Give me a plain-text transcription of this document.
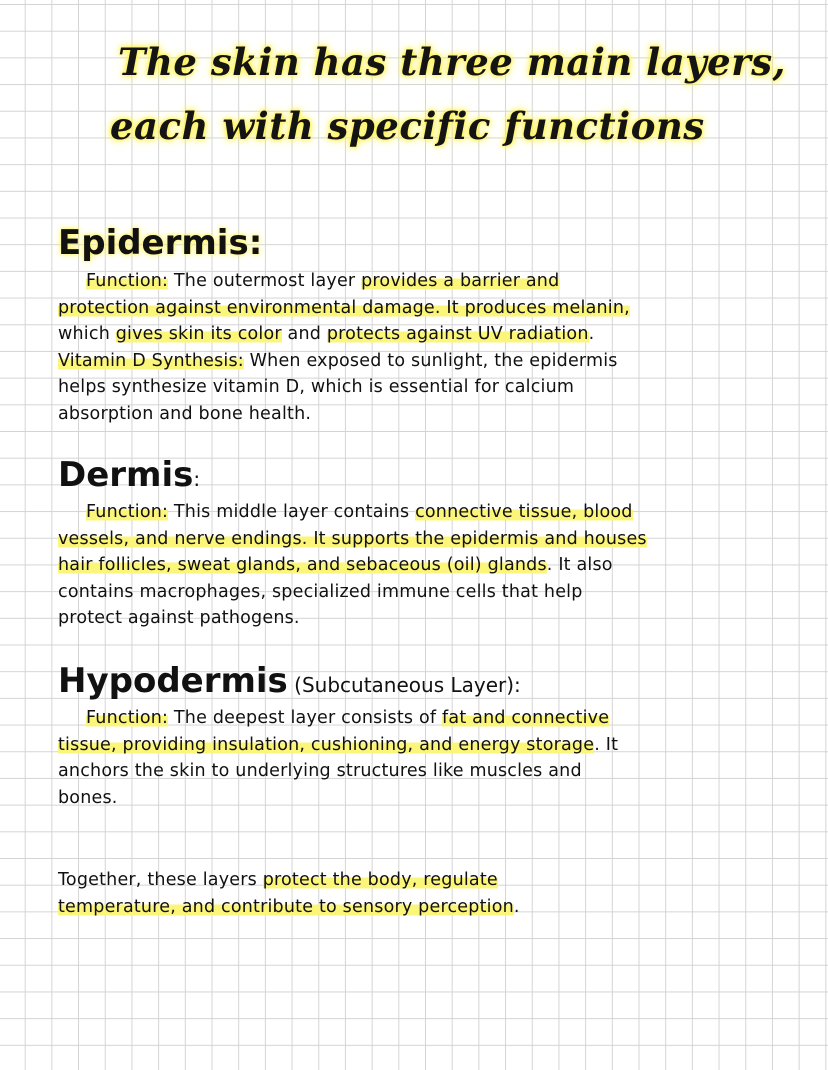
The skin has three main layers,
each with specific functions
Epidermis:
Function: The outermost layer provides a barrier and
protection against environmental damage. It produces melanin,
which gives skin its color and protects against UV radiation.
Vitamin D Synthesis: When exposed to sunlight, the epidermis
helps synthesize vitamin D, which is essential for calcium
absorption and bone health.
Dermis:
Function: This middle layer contains connective tissue, blood
vessels, and nerve endings. It supports the epidermis and houses
hair follicles, sweat glands, and sebaceous (oil) glands. It also
contains macrophages, specialized immune cells that help
protect against pathogens.
Hypodermis (Subcutaneous Layer):
Function: The deepest layer consists of fat and connective
tissue, providing insulation, cushioning, and energy storage. It
anchors the skin to underlying structures like muscles and
bones.
Together, these layers protect the body, regulate
temperature, and contribute to sensory perception.
